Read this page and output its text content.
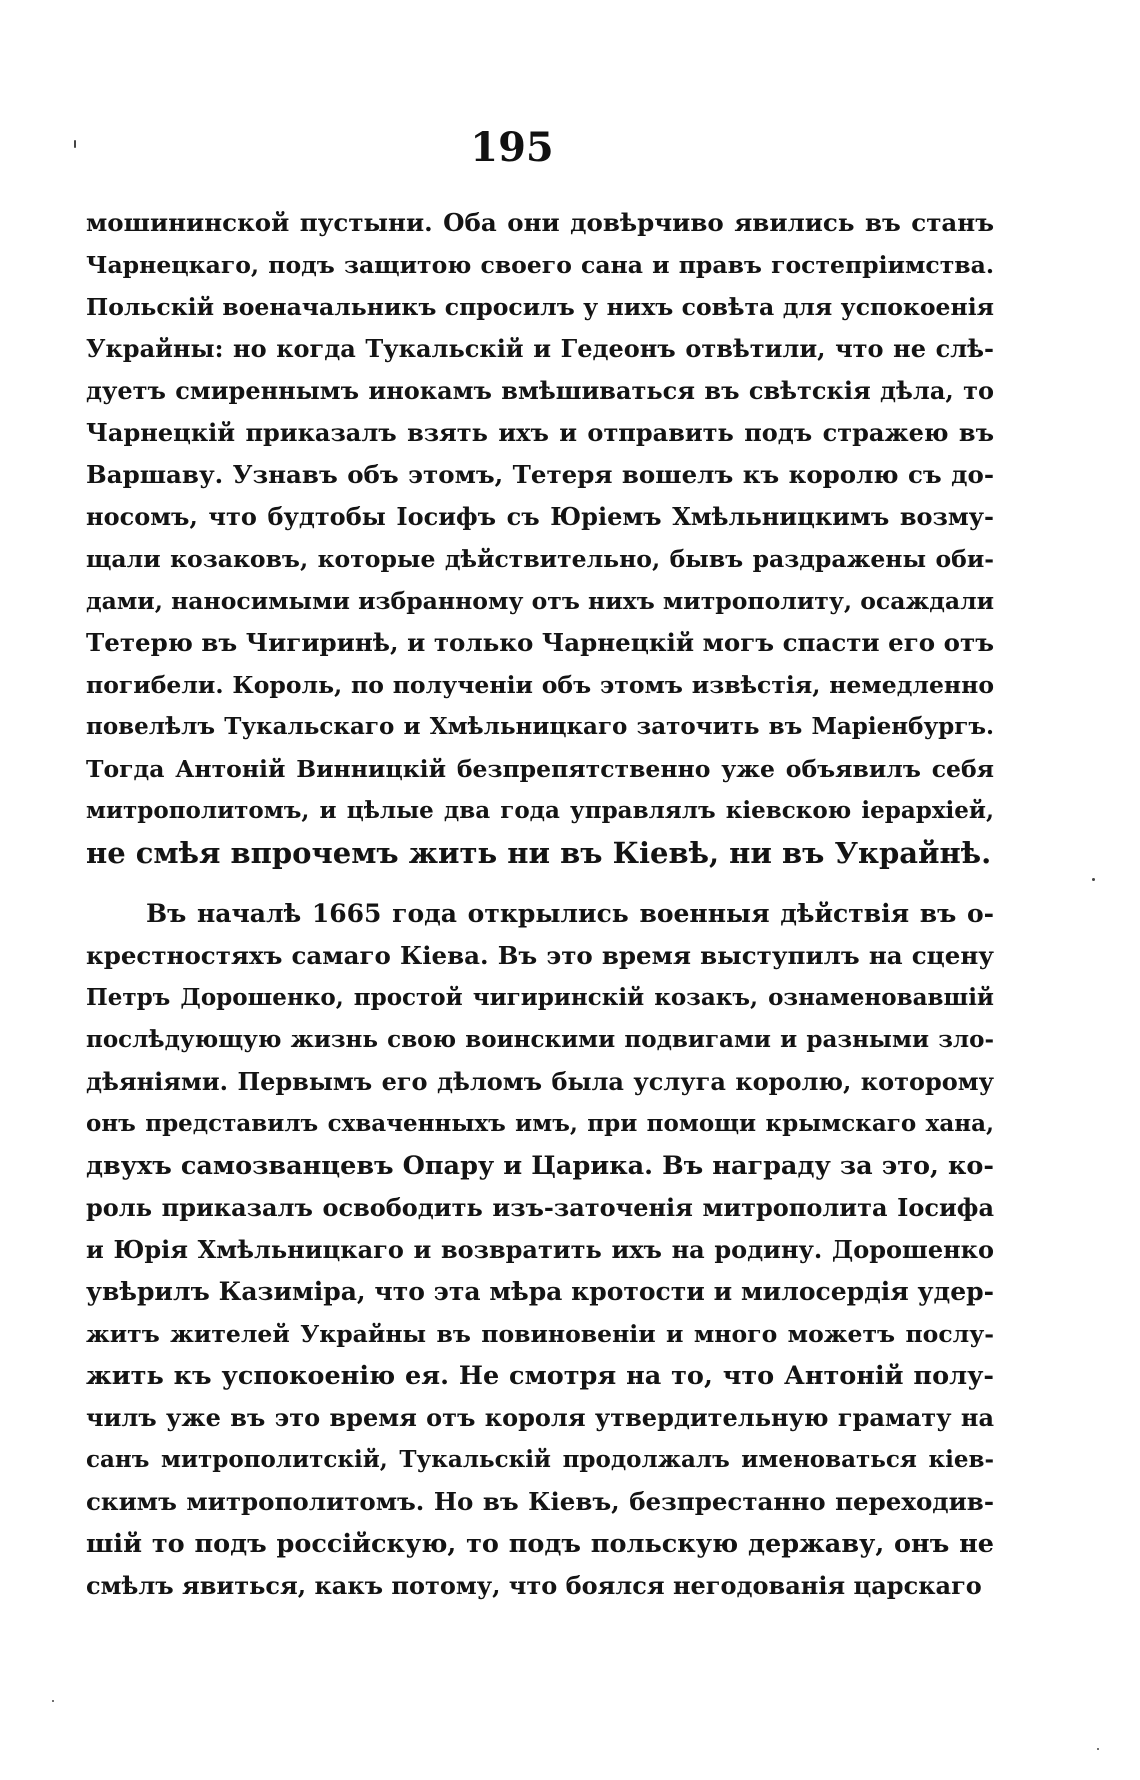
195
мошининской пустыни. Оба они довѣрчиво явились въ станъ
Чарнецкаго, подъ защитою своего сана и правъ гостепріимства.
Польскій военачальникъ спросилъ у нихъ совѣта для успокоенія
Украйны: но когда Тукальскій и Гедеонъ отвѣтили, что не слѣ-
дуетъ смиреннымъ инокамъ вмѣшиваться въ свѣтскія дѣла, то
Чарнецкій приказалъ взять ихъ и отправить подъ стражею въ
Варшаву. Узнавъ объ этомъ, Тетеря вошелъ къ королю съ до-
носомъ, что будтобы Іосифъ съ Юріемъ Хмѣльницкимъ возму-
щали козаковъ, которые дѣйствительно, бывъ раздражены оби-
дами, наносимыми избранному отъ нихъ митрополиту, осаждали
Тетерю въ Чигиринѣ, и только Чарнецкій могъ спасти его отъ
погибели. Король, по полученіи объ этомъ извѣстія, немедленно
повелѣлъ Тукальскаго и Хмѣльницкаго заточить въ Маріенбургъ.
Тогда Антоній Винницкій безпрепятственно уже объявилъ себя
митрополитомъ, и цѣлые два года управлялъ кіевскою іерархіей,
не смѣя впрочемъ жить ни въ Кіевѣ, ни въ Украйнѣ.
Въ началѣ 1665 года открылись военныя дѣйствія въ о-
крестностяхъ самаго Кіева. Въ это время выступилъ на сцену
Петръ Дорошенко, простой чигиринскій козакъ, ознаменовавшій
послѣдующую жизнь свою воинскими подвигами и разными зло-
дѣяніями. Первымъ его дѣломъ была услуга королю, которому
онъ представилъ схваченныхъ имъ, при помощи крымскаго хана,
двухъ самозванцевъ Опару и Царика. Въ награду за это, ко-
роль приказалъ освободить изъ-заточенія митрополита Іосифа
и Юрія Хмѣльницкаго и возвратить ихъ на родину. Дорошенко
увѣрилъ Казиміра, что эта мѣра кротости и милосердія удер-
житъ жителей Украйны въ повиновеніи и много можетъ послу-
жить къ успокоенію ея. Не смотря на то, что Антоній полу-
чилъ уже въ это время отъ короля утвердительную грамату на
санъ митрополитскій, Тукальскій продолжалъ именоваться кіев-
скимъ митрополитомъ. Но въ Кіевъ, безпрестанно переходив-
шій то подъ россійскую, то подъ польскую державу, онъ не
смѣлъ явиться, какъ потому, что боялся негодованія царскаго
